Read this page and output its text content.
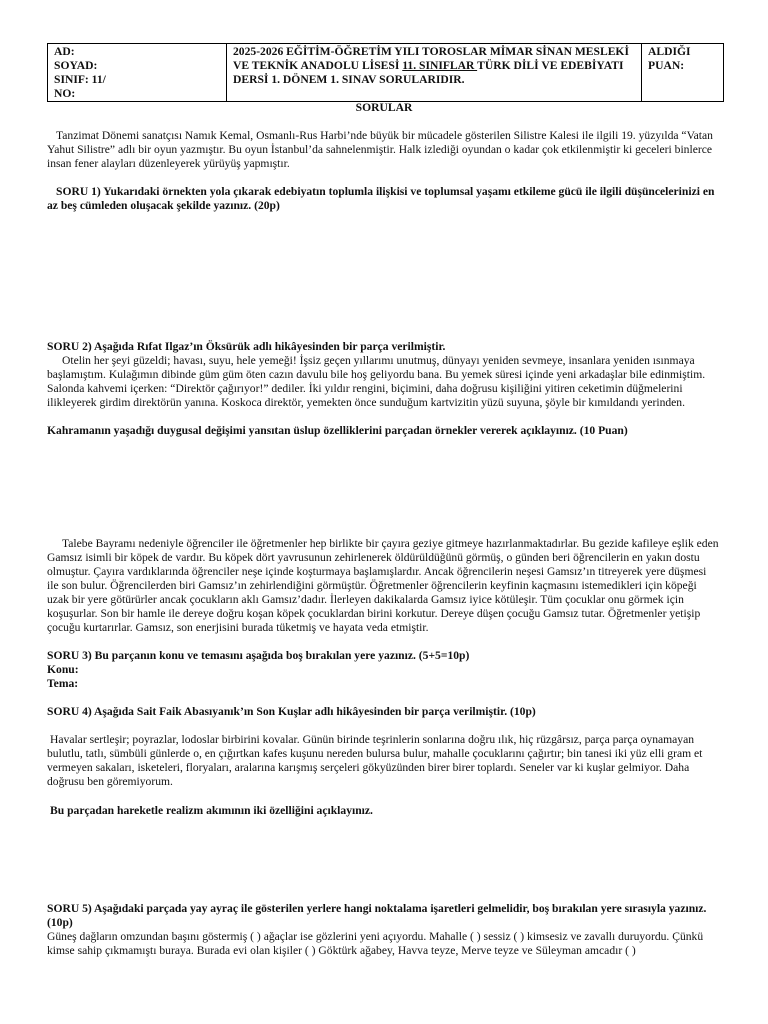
AD:
SOYAD:
SINIF: 11/
NO:
	2025-2026 EĞİTİM-ÖĞRETİM YILI TOROSLAR MİMAR SİNAN MESLEKİ VE TEKNİK ANADOLU LİSESİ 11. SINIFLAR TÜRK DİLİ VE EDEBİYATI DERSİ 1. DÖNEM 1. SINAV SORULARIDIR.	
ALDIĞI
PUAN:
SORULAR

Tanzimat Dönemi sanatçısı Namık Kemal, Osmanlı-Rus Harbi’nde büyük bir mücadele gösterilen Silistre Kalesi ile ilgili 19. yüzyılda “Vatan Yahut Silistre” adlı bir oyun yazmıştır. Bu oyun İstanbul’da sahnelenmiştir. Halk izlediği oyundan o kadar çok etkilenmiştir ki geceleri binlerce insan fener alayları düzenleyerek yürüyüş yapmıştır.

SORU 1) Yukarıdaki örnekten yola çıkarak edebiyatın toplumla ilişkisi ve toplumsal yaşamı etkileme gücü ile ilgili düşüncelerinizi en az beş cümleden oluşacak şekilde yazınız. (20p)

SORU 2) Aşağıda Rıfat Ilgaz’ın Öksürük adlı hikâyesinden bir parça verilmiştir.

Otelin her şeyi güzeldi; havası, suyu, hele yemeği! İşsiz geçen yıllarımı unutmuş, dünyayı yeniden sevmeye, insanlara yeniden ısınmaya başlamıştım. Kulağımın dibinde güm güm öten cazın davulu bile hoş geliyordu bana. Bu yemek süresi içinde yeni arkadaşlar bile edinmiştim. Salonda kahvemi içerken: “Direktör çağırıyor!” dediler. İki yıldır rengini, biçimini, daha doğrusu kişiliğini yitiren ceketimin düğmelerini ilikleyerek girdim direktörün yanına. Koskoca direktör, yemekten önce sunduğum kartvizitin yüzü suyuna, şöyle bir kımıldandı yerinden.

Kahramanın yaşadığı duygusal değişimi yansıtan üslup özelliklerini parçadan örnekler vererek açıklayınız. (10 Puan)

Talebe Bayramı nedeniyle öğrenciler ile öğretmenler hep birlikte bir çayıra geziye gitmeye hazırlanmaktadırlar. Bu gezide kafileye eşlik eden Gamsız isimli bir köpek de vardır. Bu köpek dört yavrusunun zehirlenerek öldürüldüğünü görmüş, o günden beri öğrencilerin en yakın dostu olmuştur. Çayıra vardıklarında öğrenciler neşe içinde koşturmaya başlamışlardır. Ancak öğrencilerin neşesi Gamsız’ın titreyerek yere düşmesi ile son bulur. Öğrencilerden biri Gamsız’ın zehirlendiğini görmüştür. Öğretmenler öğrencilerin keyfinin kaçmasını istemedikleri için köpeği uzak bir yere götürürler ancak çocukların aklı Gamsız’dadır. İlerleyen dakikalarda Gamsız iyice kötüleşir. Tüm çocuklar onu görmek için koşuşurlar. Son bir hamle ile dereye doğru koşan köpek çocuklardan birini korkutur. Dereye düşen çocuğu Gamsız tutar. Öğretmenler yetişip çocuğu kurtarırlar. Gamsız, son enerjisini burada tüketmiş ve hayata veda etmiştir.

SORU 3) Bu parçanın konu ve temasını aşağıda boş bırakılan yere yazınız. (5+5=10p)

Konu:

Tema:

SORU 4) Aşağıda Sait Faik Abasıyanık’ın Son Kuşlar adlı hikâyesinden bir parça verilmiştir. (10p)

Havalar sertleşir; poyrazlar, lodoslar birbirini kovalar. Günün birinde teşrinlerin sonlarına doğru ılık, hiç rüzgârsız, parça parça oynamayan bulutlu, tatlı, sümbüli günlerde o, en çığırtkan kafes kuşunu nereden bulursa bulur, mahalle çocuklarını çağırtır; bin tanesi iki yüz elli gram et vermeyen sakaları, isketeleri, floryaları, aralarına karışmış serçeleri gökyüzünden birer birer toplardı. Seneler var ki kuşlar gelmiyor. Daha doğrusu ben göremiyorum.

Bu parçadan hareketle realizm akımının iki özelliğini açıklayınız.

SORU 5) Aşağıdaki parçada yay ayraç ile gösterilen yerlere hangi noktalama işaretleri gelmelidir, boş bırakılan yere sırasıyla yazınız. (10p)

Güneş dağların omzundan başını göstermiş ( ) ağaçlar ise gözlerini yeni açıyordu. Mahalle ( ) sessiz ( ) kimsesiz ve zavallı duruyordu. Çünkü kimse sahip çıkmamıştı buraya. Burada evi olan kişiler ( ) Göktürk ağabey, Havva teyze, Merve teyze ve Süleyman amcadır ( )
